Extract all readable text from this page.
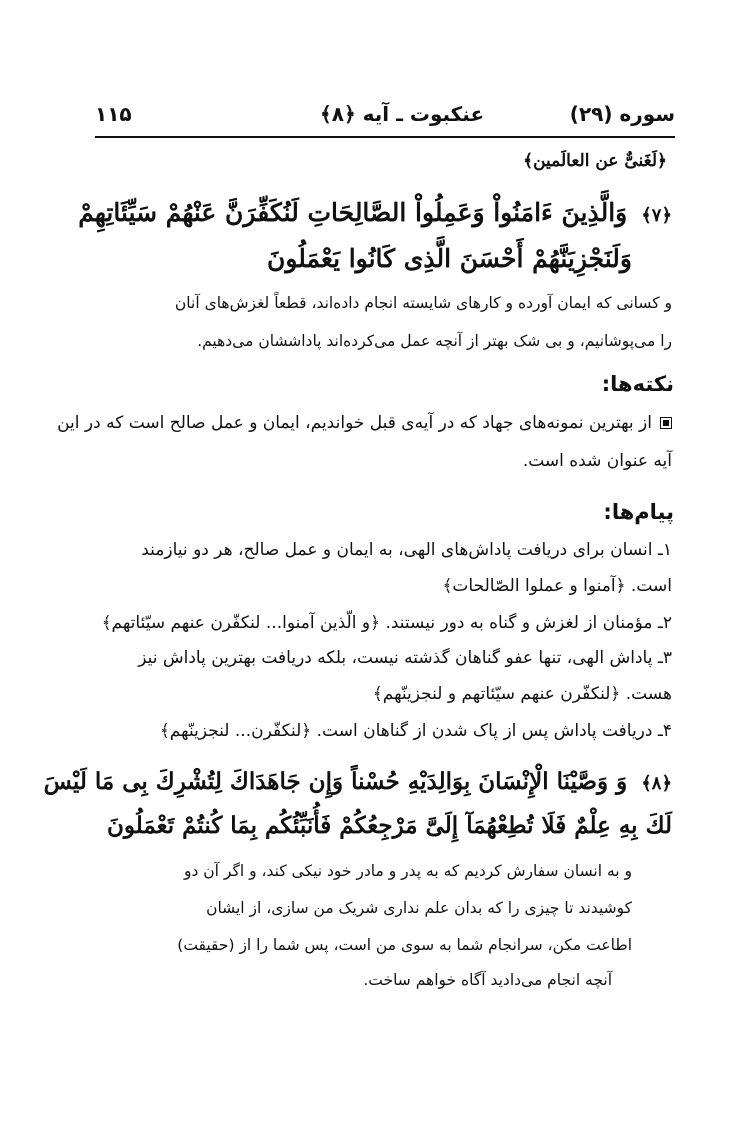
سوره (۲۹)
عنکبوت ـ آیه ﴿۸﴾
۱۱۵
﴿لَغَنیٌّ عن العالَمین﴾
﴿۷﴾وَالَّذِينَ ءَامَنُواْ وَعَمِلُواْ الصَّالِحَاتِ لَنُكَفِّرَنَّ عَنْهُمْ سَيِّئَاتِهِمْ
وَلَنَجْزِيَنَّهُمْ أَحْسَنَ الَّذِى كَانُوا يَعْمَلُونَ
و کسانی که ایمان آورده و کارهای شایسته انجام داده‌اند، قطعاً لغزش‌های آنان
را می‌پوشانیم، و بی شک بهتر از آنچه عمل می‌کرده‌اند پاداششان می‌دهیم.
نکته‌ها:
از بهترین نمونه‌های جهاد که در آیه‌ی قبل خواندیم، ایمان و عمل صالح است که در این
آیه عنوان شده است.
پیام‌ها:
۱ـ انسان برای دریافت پاداش‌های الهی، به ایمان و عمل صالح، هر دو نیازمند
است. ﴿آمنوا و عملوا الصّالحات﴾
۲ـ مؤمنان از لغزش و گناه به دور نیستند. ﴿و الّذین آمنوا... لنکفّرن عنهم سیّئاتهم﴾
۳ـ پاداش الهی، تنها عفو گناهان گذشته نیست، بلکه دریافت بهترین پاداش نیز
هست. ﴿لنکفّرن عنهم سیّئاتهم و لنجزینّهم﴾
۴ـ دریافت پاداش پس از پاک شدن از گناهان است. ﴿لنکفّرن... لنجزینّهم﴾
﴿۸﴾وَ وَصَّيْنَا الْإِنْسَانَ بِوَالِدَيْهِ حُسْناً وَإِن جَاهَدَاكَ لِتُشْرِكَ بِى مَا لَيْسَ
لَكَ بِهِ عِلْمٌ فَلَا تُطِعْهُمَآ إِلَىَّ مَرْجِعُكُمْ فَأُنَبِّئُكُم بِمَا كُنتُمْ تَعْمَلُونَ
و به انسان سفارش کردیم که به پدر و مادر خود نیکی کند، و اگر آن دو
کوشیدند تا چیزی را که بدان علم نداری شریک من سازی، از ایشان
اطاعت مکن، سرانجام شما به سوی من است، پس شما را از (حقیقت)
آنچه انجام می‌دادید آگاه خواهم ساخت.
